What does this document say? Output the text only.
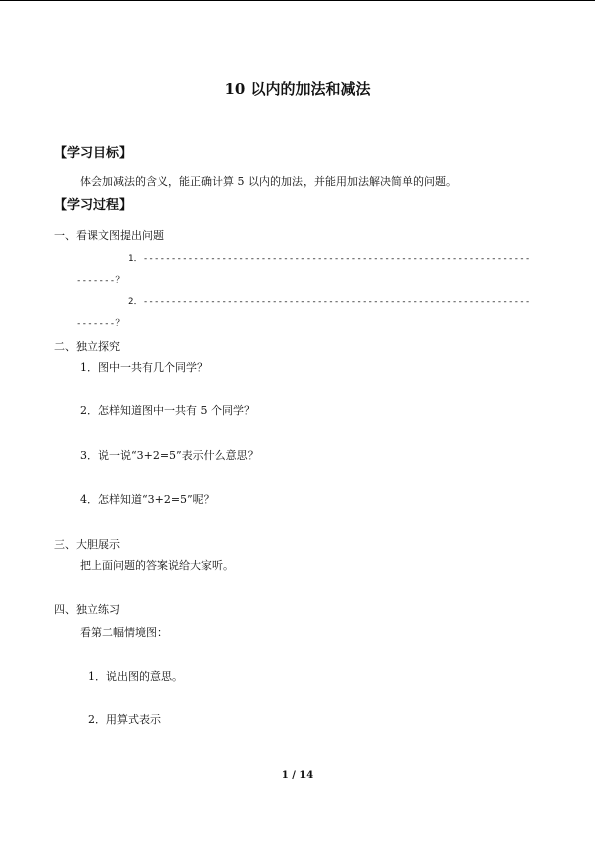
10 以内的加法和减法
【学习目标】
体会加减法的含义，能正确计算 5 以内的加法，并能用加法解决简单的问题。
【学习过程】
一、看课文图提出问题
1．---------------------------------------------------------------------
-------？
2．---------------------------------------------------------------------
-------？
二、独立探究
1．图中一共有几个同学？
2．怎样知道图中一共有 5 个同学？
3．说一说“3+2=5”表示什么意思？
4．怎样知道“3+2=5”呢？
三、大胆展示
把上面问题的答案说给大家听。
四、独立练习
看第二幅情境图：
1．说出图的意思。
2．用算式表示
1 / 14
